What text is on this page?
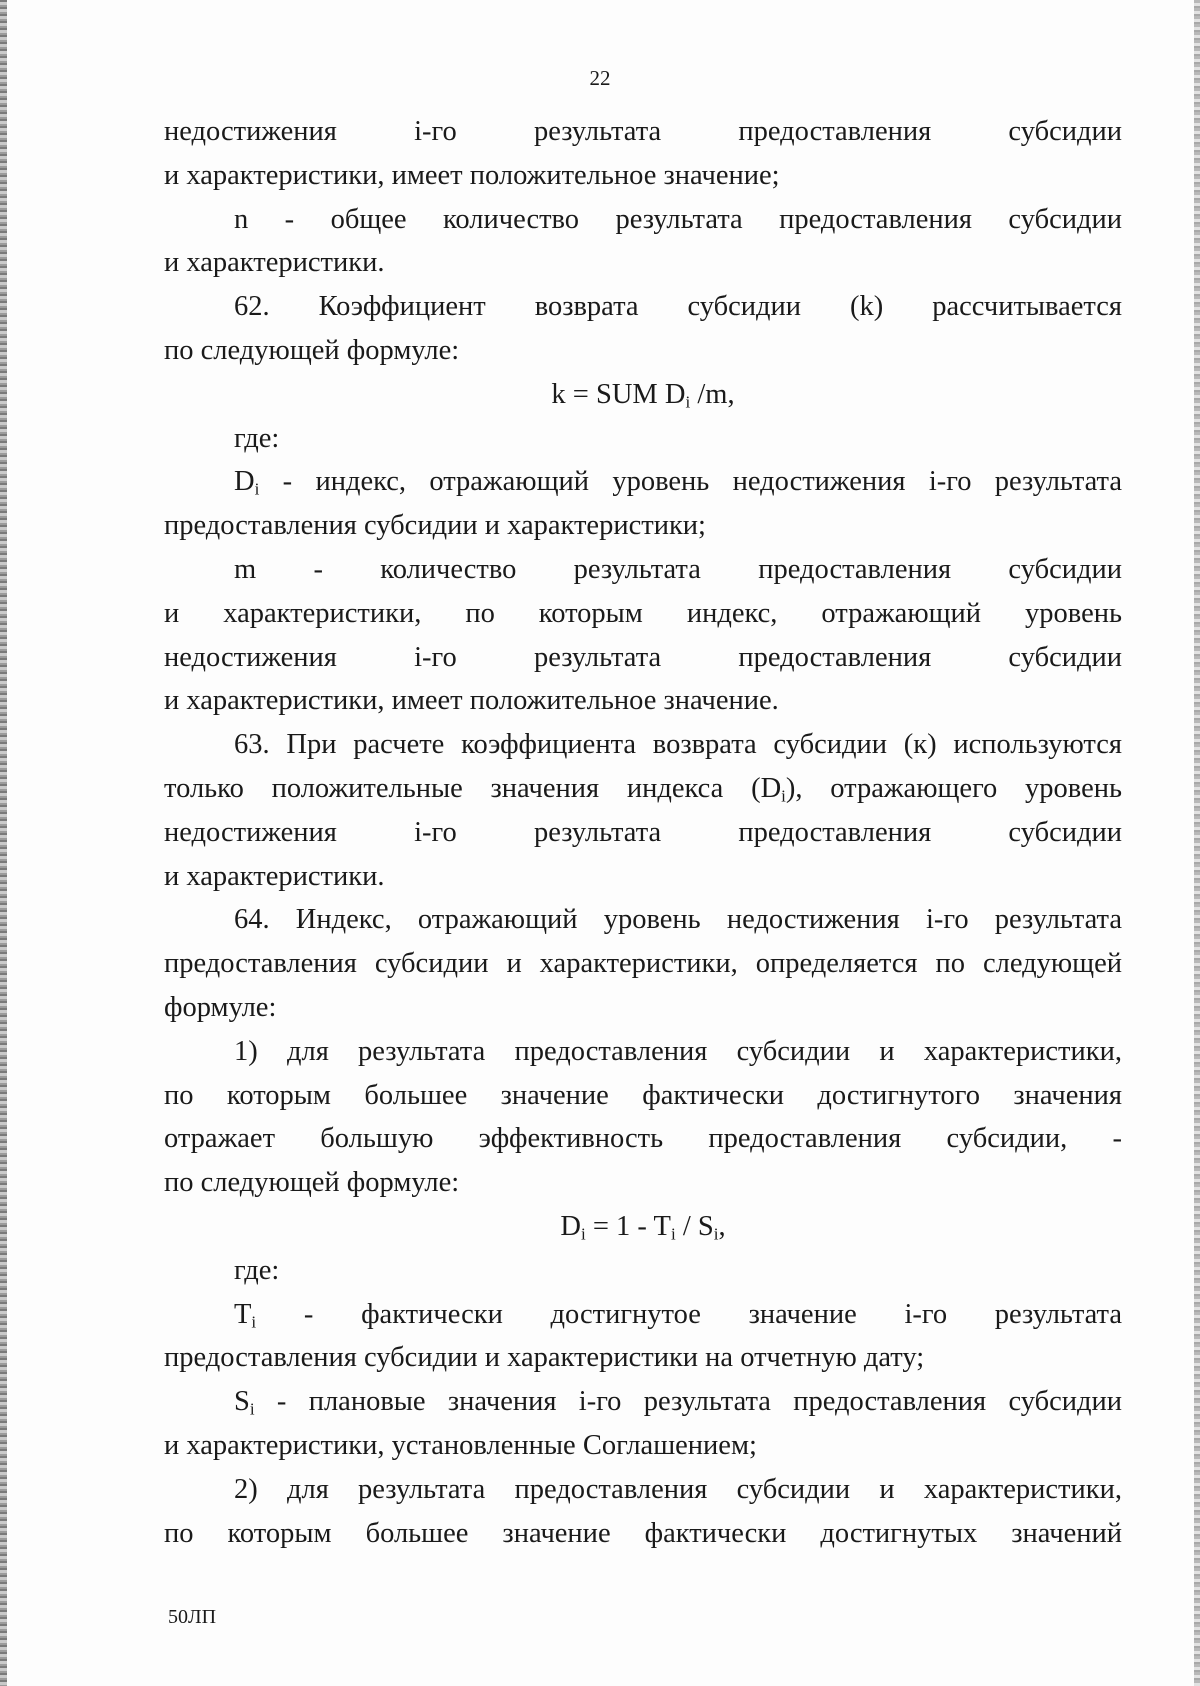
22
недостижения i-го результата предоставления субсидии
и характеристики, имеет положительное значение;
n - общее количество результата предоставления субсидии
и характеристики.
62. Коэффициент возврата субсидии (k) рассчитывается
по следующей формуле:
k = SUM $D_i$ /m,
где:
$D_i$ - индекс, отражающий уровень недостижения i-го результата
предоставления субсидии и характеристики;
m - количество результата предоставления субсидии
и характеристики, по которым индекс, отражающий уровень
недостижения i-го результата предоставления субсидии
и характеристики, имеет положительное значение.
63. При расчете коэффициента возврата субсидии (к) используются
только положительные значения индекса $(D_i)$, отражающего уровень
недостижения i-го результата предоставления субсидии
и характеристики.
64. Индекс, отражающий уровень недостижения i-го результата
предоставления субсидии и характеристики, определяется по следующей
формуле:
1) для результата предоставления субсидии и характеристики,
по которым большее значение фактически достигнутого значения
отражает большую эффективность предоставления субсидии, -
по следующей формуле:
$D_i = 1 - T_i / S_i$,
где:
$T_i$ - фактически достигнутое значение i-го результата
предоставления субсидии и характеристики на отчетную дату;
$S_i$ - плановые значения i-го результата предоставления субсидии
и характеристики, установленные Соглашением;
2) для результата предоставления субсидии и характеристики,
по которым большее значение фактически достигнутых значений
50ЛП
